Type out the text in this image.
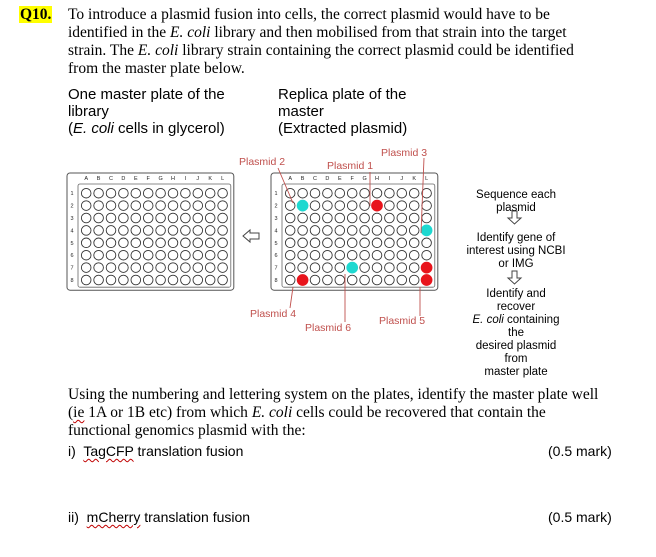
Q10. To introduce a plasmid fusion into cells, the correct plasmid would have to be
identified in the E. coli library and then mobilised from that strain into the target
strain. The E. coli library strain containing the correct plasmid could be identified
from the master plate below.
One master plate of the
library
(E. coli cells in glycerol)
Replica plate of the
master
(Extracted plasmid)
A B C D E F G H I J K L
1
2
3
4
5
6
7
8
A B C D E F G H I J K L
1
2
3
4
5
6
7
8
Plasmid 2	Plasmid 1
Plasmid 3
Plasmid 4
Plasmid 5
Plasmid 6
Sequence each
plasmid
Identify gene of
interest using NCBI
or IMG
Identify and recover
E. coli containing the
desired plasmid from
master plate
Using the numbering and lettering system on the plates, identify the master plate well
(ie 1A or 1B etc) from which E. coli cells could be recovered that contain the
functional genomics plasmid with the:
i) TagCFP translation fusion	(0.5 mark)
ii) mCherry translation fusion	(0.5 mark)
